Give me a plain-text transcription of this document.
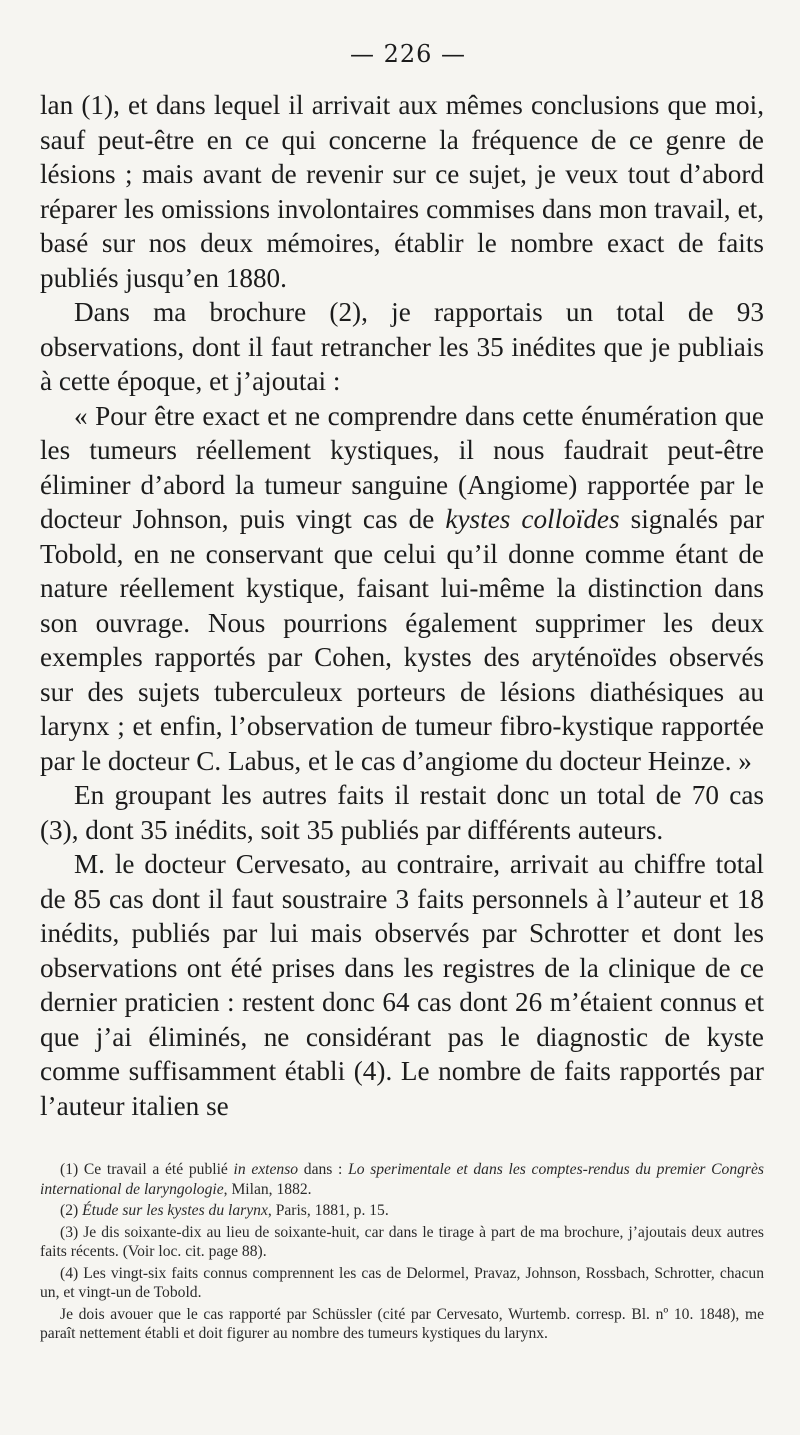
— 226 —

lan (1), et dans lequel il arrivait aux mêmes conclusions que moi, sauf peut-être en ce qui concerne la fréquence de ce genre de lésions ; mais avant de revenir sur ce sujet, je veux tout d’abord réparer les omissions involontaires commises dans mon travail, et, basé sur nos deux mémoires, établir le nombre exact de faits publiés jusqu’en 1880.

Dans ma brochure (2), je rapportais un total de 93 observations, dont il faut retrancher les 35 inédites que je publiais à cette époque, et j’ajoutai :

« Pour être exact et ne comprendre dans cette énumération que les tumeurs réellement kystiques, il nous faudrait peut-être éliminer d’abord la tumeur sanguine (Angiome) rapportée par le docteur Johnson, puis vingt cas de kystes colloïdes signalés par Tobold, en ne conservant que celui qu’il donne comme étant de nature réellement kystique, faisant lui-même la distinction dans son ouvrage. Nous pourrions également supprimer les deux exemples rapportés par Cohen, kystes des aryténoïdes observés sur des sujets tuberculeux porteurs de lésions diathésiques au larynx ; et enfin, l’observation de tumeur fibro-kystique rapportée par le docteur C. Labus, et le cas d’angiome du docteur Heinze. »

En groupant les autres faits il restait donc un total de 70 cas (3), dont 35 inédits, soit 35 publiés par différents auteurs.

M. le docteur Cervesato, au contraire, arrivait au chiffre total de 85 cas dont il faut soustraire 3 faits personnels à l’auteur et 18 inédits, publiés par lui mais observés par Schrotter et dont les observations ont été prises dans les registres de la clinique de ce dernier praticien : restent donc 64 cas dont 26 m’étaient connus et que j’ai éliminés, ne considérant pas le diagnostic de kyste comme suffisamment établi (4). Le nombre de faits rapportés par l’auteur italien se

(1) Ce travail a été publié in extenso dans : Lo sperimentale et dans les comptes-rendus du premier Congrès international de laryngologie, Milan, 1882.

(2) Étude sur les kystes du larynx, Paris, 1881, p. 15.

(3) Je dis soixante-dix au lieu de soixante-huit, car dans le tirage à part de ma brochure, j’ajoutais deux autres faits récents. (Voir loc. cit. page 88).

(4) Les vingt-six faits connus comprennent les cas de Delormel, Pravaz, Johnson, Rossbach, Schrotter, chacun un, et vingt-un de Tobold.

Je dois avouer que le cas rapporté par Schüssler (cité par Cervesato, Wurtemb. corresp. Bl. nº 10. 1848), me paraît nettement établi et doit figurer au nombre des tumeurs kystiques du larynx.
